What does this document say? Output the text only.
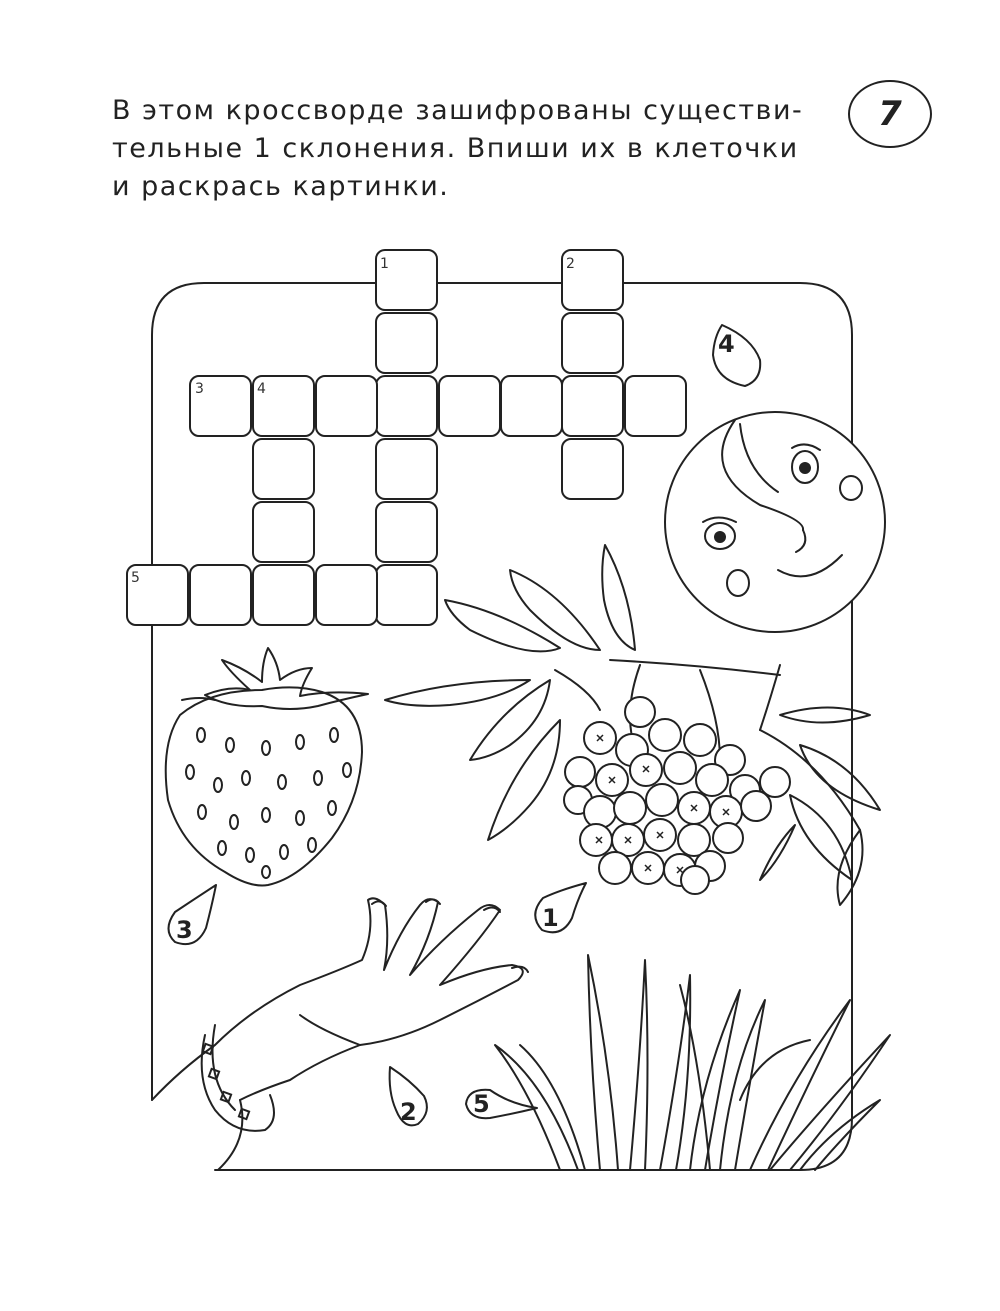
В этом кроссворде зашифрованы существи-
тельные 1 склонения. Впиши их в клеточки
и раскрась картинки.

7
1	2
3	4
5
4
3	1
2 5
